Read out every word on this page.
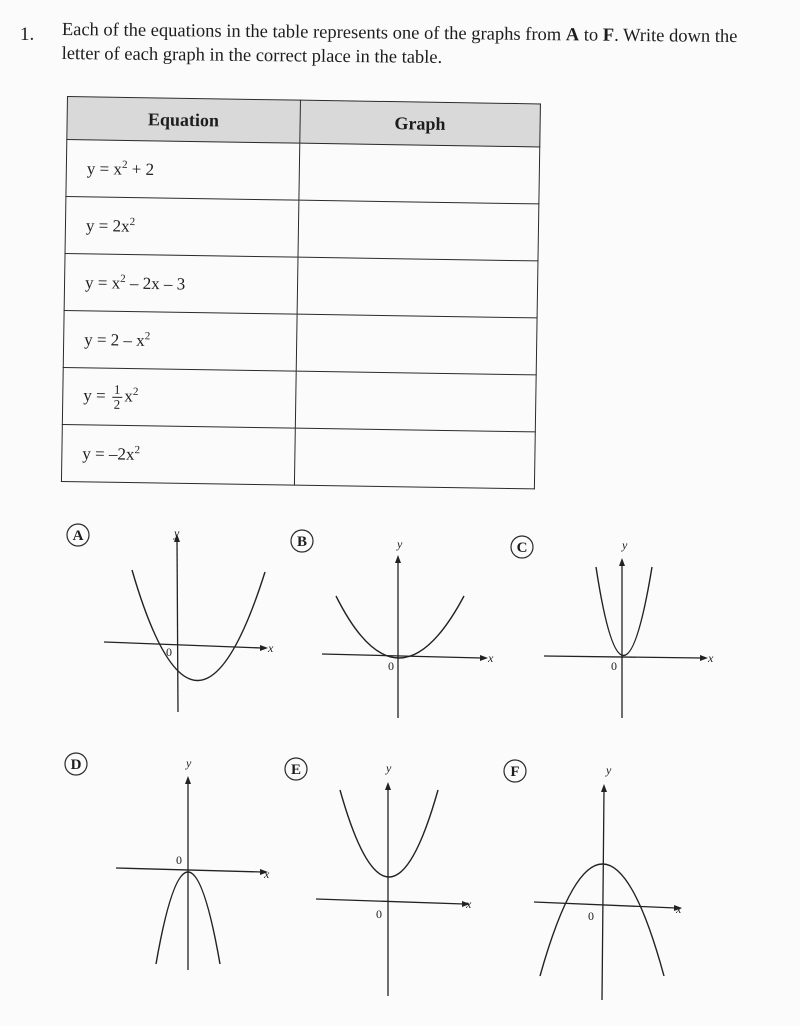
1. Each of the equations in the table represents one of the graphs from A to F. Write down the
letter of each graph in the correct place in the table.
Equation	Graph
$y = x^2 + 2$	
$y = 2x^2$	
$y = x^2 - 2x - 3$	
$y = 2 - x^2$	
$y = \frac{1}{2} x^2$	
$y = -2x^2$	
A	y
x
0
B	y
x
0
C	y
x
0
D	y
x
0
E	y
x
0
F	y
x
0
